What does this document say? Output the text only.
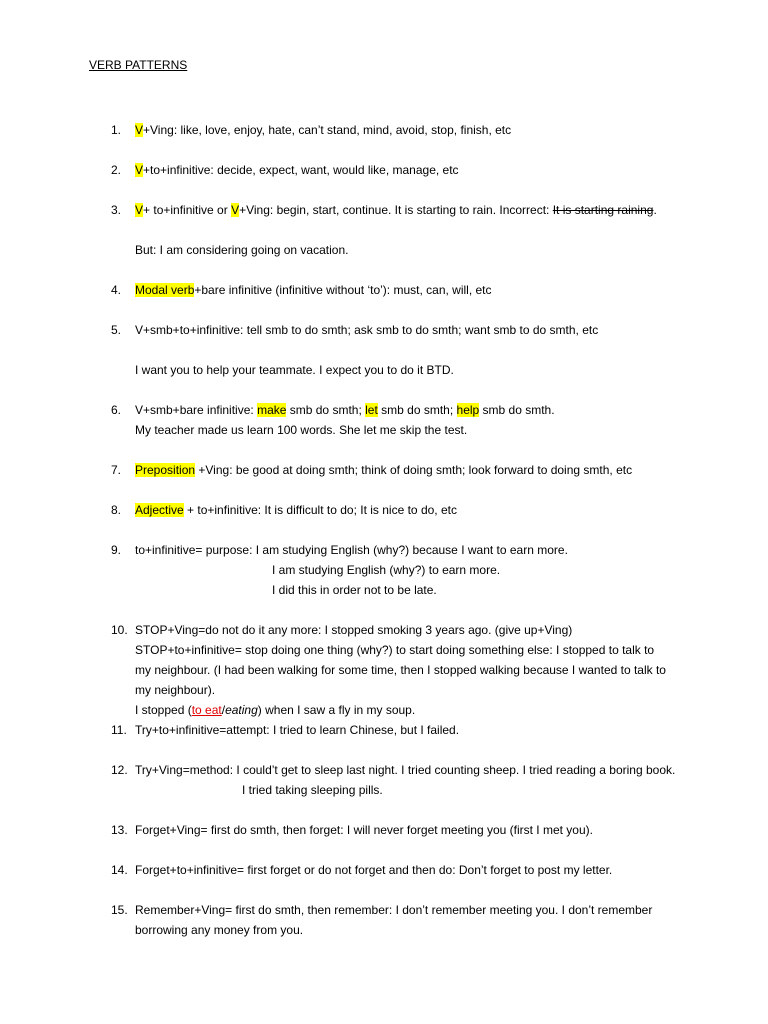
VERB PATTERNS
1. V+Ving: like, love, enjoy, hate, can’t stand, mind, avoid, stop, finish, etc
2. V+to+infinitive: decide, expect, want, would like, manage, etc
3. V+ to+infinitive or V+Ving: begin, start, continue. It is starting to rain. Incorrect: It is starting raining.
But: I am considering going on vacation.
4. Modal verb+bare infinitive (infinitive without ‘to’): must, can, will, etc
5. V+smb+to+infinitive: tell smb to do smth; ask smb to do smth; want smb to do smth, etc
I want you to help your teammate. I expect you to do it BTD.
6. V+smb+bare infinitive: make smb do smth; let smb do smth; help smb do smth.
My teacher made us learn 100 words. She let me skip the test.
7. Preposition +Ving: be good at doing smth; think of doing smth; look forward to doing smth, etc
8. Adjective + to+infinitive: It is difficult to do; It is nice to do, etc
9. to+infinitive= purpose: I am studying English (why?) because I want to earn more.
I am studying English (why?) to earn more.
I did this in order not to be late.
10. STOP+Ving=do not do it any more: I stopped smoking 3 years ago. (give up+Ving)
STOP+to+infinitive= stop doing one thing (why?) to start doing something else: I stopped to talk to
my neighbour. (I had been walking for some time, then I stopped walking because I wanted to talk to
my neighbour).
I stopped (to eat/eating) when I saw a fly in my soup.
11. Try+to+infinitive=attempt: I tried to learn Chinese, but I failed.
12. Try+Ving=method: I could’t get to sleep last night. I tried counting sheep. I tried reading a boring book.
I tried taking sleeping pills.
13. Forget+Ving= first do smth, then forget: I will never forget meeting you (first I met you).
14. Forget+to+infinitive= first forget or do not forget and then do: Don’t forget to post my letter.
15. Remember+Ving= first do smth, then remember: I don’t remember meeting you. I don’t remember
borrowing any money from you.
